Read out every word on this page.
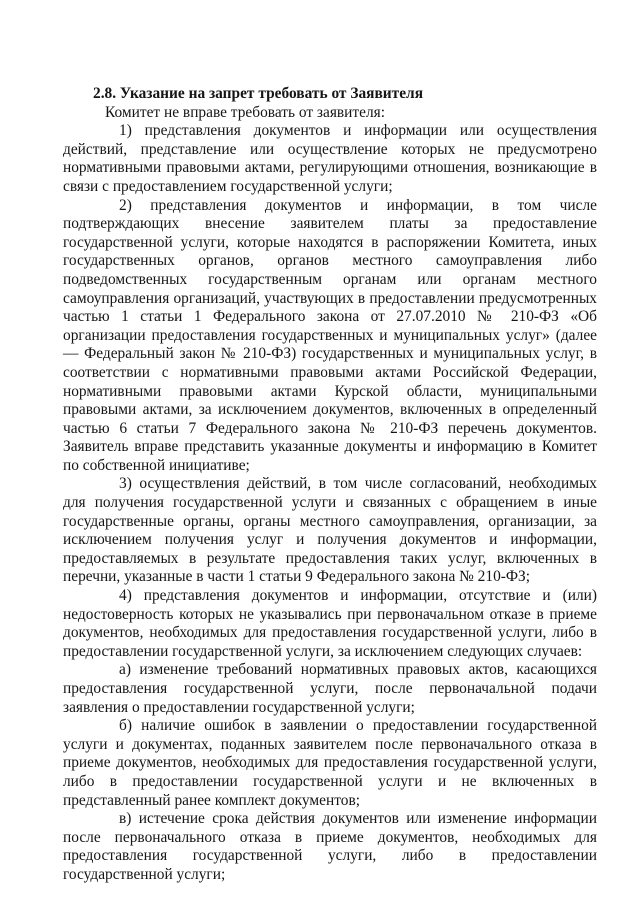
2.8. Указание на запрет требовать от Заявителя

Комитет не вправе требовать от заявителя:

1) представления документов и информации или осуществления действий, представление или осуществление которых не предусмотрено нормативными правовыми актами, регулирующими отношения, возникающие в связи с предоставлением государственной услуги;

2) представления документов и информации, в том числе подтверждающих внесение заявителем платы за предоставление государственной услуги, которые находятся в распоряжении Комитета, иных государственных органов, органов местного самоуправления либо подведомственных государственным органам или органам местного самоуправления организаций, участвующих в предоставлении предусмотренных частью 1 статьи 1 Федерального закона от 27.07.2010 № 210-ФЗ «Об организации предоставления государственных и муниципальных услуг» (далее — Федеральный закон № 210-ФЗ) государственных и муниципальных услуг, в соответствии с нормативными правовыми актами Российской Федерации, нормативными правовыми актами Курской области, муниципальными правовыми актами, за исключением документов, включенных в определенный частью 6 статьи 7 Федерального закона № 210-ФЗ перечень документов. Заявитель вправе представить указанные документы и информацию в Комитет по собственной инициативе;

3) осуществления действий, в том числе согласований, необходимых для получения государственной услуги и связанных с обращением в иные государственные органы, органы местного самоуправления, организации, за исключением получения услуг и получения документов и информации, предоставляемых в результате предоставления таких услуг, включенных в перечни, указанные в части 1 статьи 9 Федерального закона № 210-ФЗ;

4) представления документов и информации, отсутствие и (или) недостоверность которых не указывались при первоначальном отказе в приеме документов, необходимых для предоставления государственной услуги, либо в предоставлении государственной услуги, за исключением следующих случаев:

а) изменение требований нормативных правовых актов, касающихся предоставления государственной услуги, после первоначальной подачи заявления о предоставлении государственной услуги;

б) наличие ошибок в заявлении о предоставлении государственной услуги и документах, поданных заявителем после первоначального отказа в приеме документов, необходимых для предоставления государственной услуги, либо в предоставлении государственной услуги и не включенных в представленный ранее комплект документов;

в) истечение срока действия документов или изменение информации после первоначального отказа в приеме документов, необходимых для предоставления государственной услуги, либо в предоставлении государственной услуги;
